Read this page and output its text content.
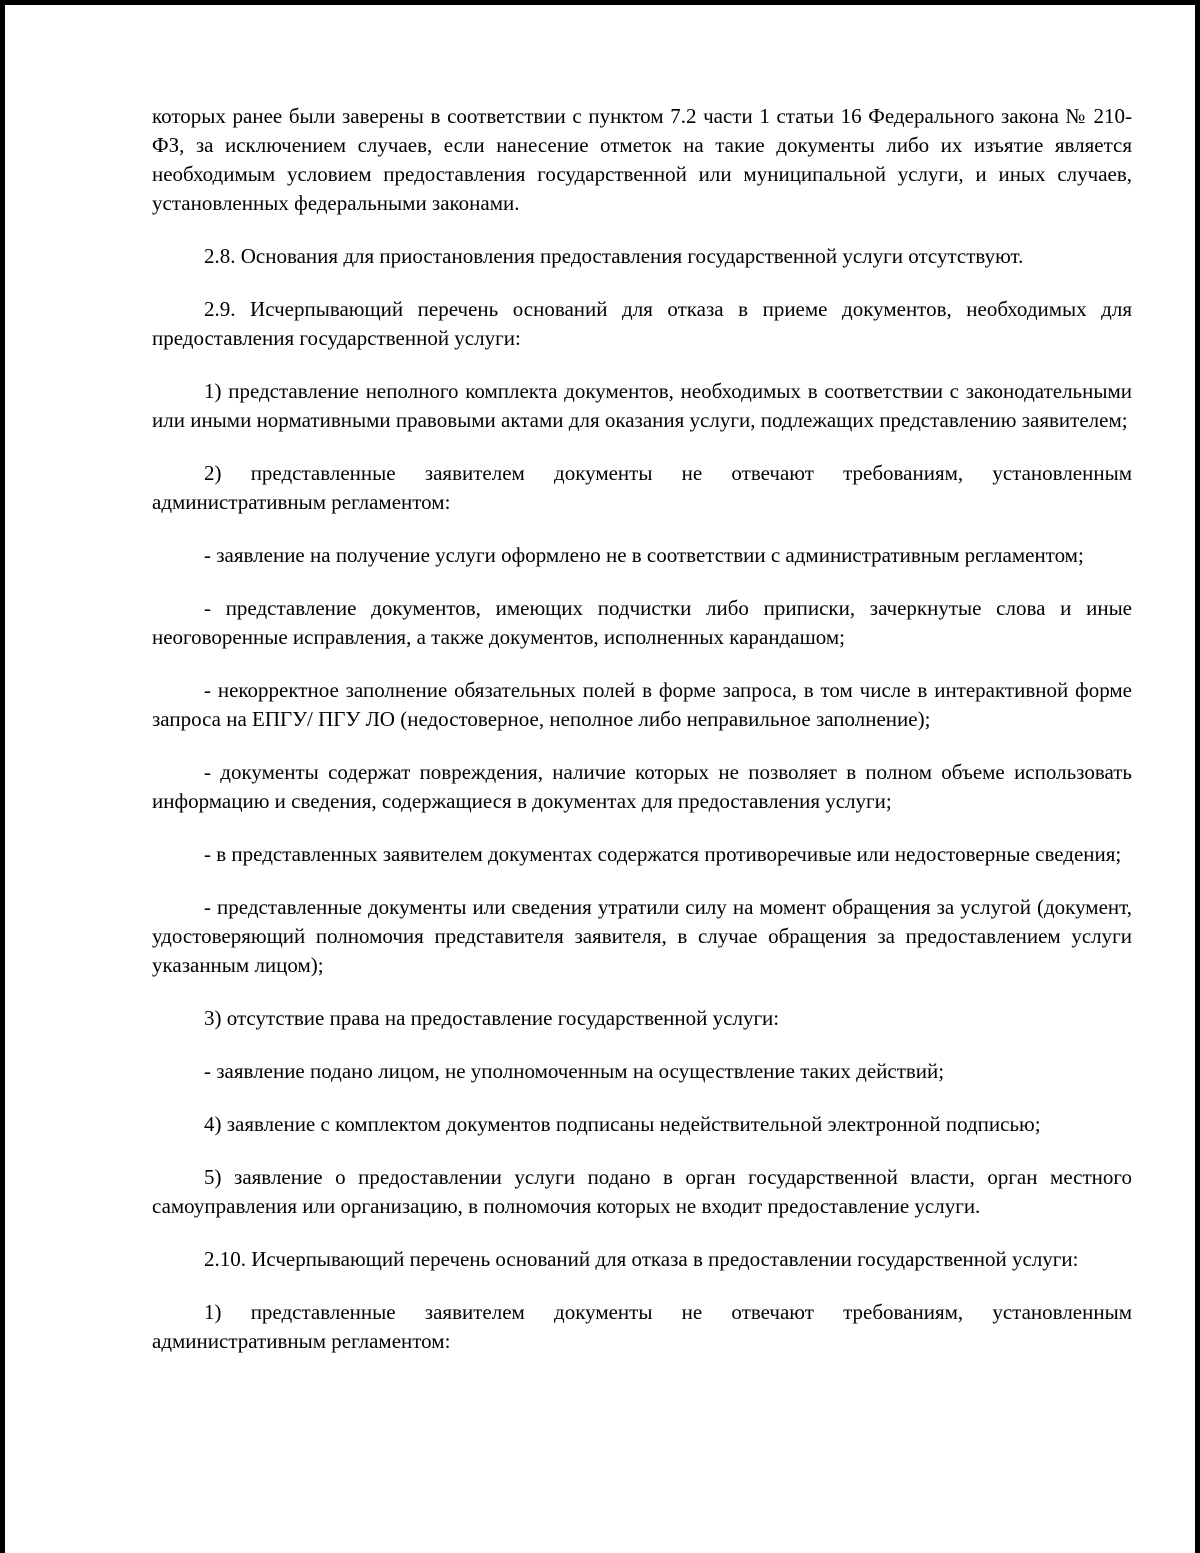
которых ранее были заверены в соответствии с пунктом 7.2 части 1 статьи 16 Федерального закона № 210-ФЗ, за исключением случаев, если нанесение отметок на такие документы либо их изъятие является необходимым условием предоставления государственной или муниципальной услуги, и иных случаев, установленных федеральными законами.

2.8. Основания для приостановления предоставления государственной услуги отсутствуют.

2.9. Исчерпывающий перечень оснований для отказа в приеме документов, необходимых для предоставления государственной услуги:

1) представление неполного комплекта документов, необходимых в соответствии с законодательными или иными нормативными правовыми актами для оказания услуги, подлежащих представлению заявителем;

2) представленные заявителем документы не отвечают требованиям, установленным административным регламентом:

- заявление на получение услуги оформлено не в соответствии с административным регламентом;

- представление документов, имеющих подчистки либо приписки, зачеркнутые слова и иные неоговоренные исправления, а также документов, исполненных карандашом;

- некорректное заполнение обязательных полей в форме запроса, в том числе в интерактивной форме запроса на ЕПГУ/ ПГУ ЛО (недостоверное, неполное либо неправильное заполнение);

- документы содержат повреждения, наличие которых не позволяет в полном объеме использовать информацию и сведения, содержащиеся в документах для предоставления услуги;

- в представленных заявителем документах содержатся противоречивые или недостоверные сведения;

- представленные документы или сведения утратили силу на момент обращения за услугой (документ, удостоверяющий полномочия представителя заявителя, в случае обращения за предоставлением услуги указанным лицом);

3) отсутствие права на предоставление государственной услуги:

- заявление подано лицом, не уполномоченным на осуществление таких действий;

4) заявление с комплектом документов подписаны недействительной электронной подписью;

5) заявление о предоставлении услуги подано в орган государственной власти, орган местного самоуправления или организацию, в полномочия которых не входит предоставление услуги.

2.10. Исчерпывающий перечень оснований для отказа в предоставлении государственной услуги:

1) представленные заявителем документы не отвечают требованиям, установленным административным регламентом:
